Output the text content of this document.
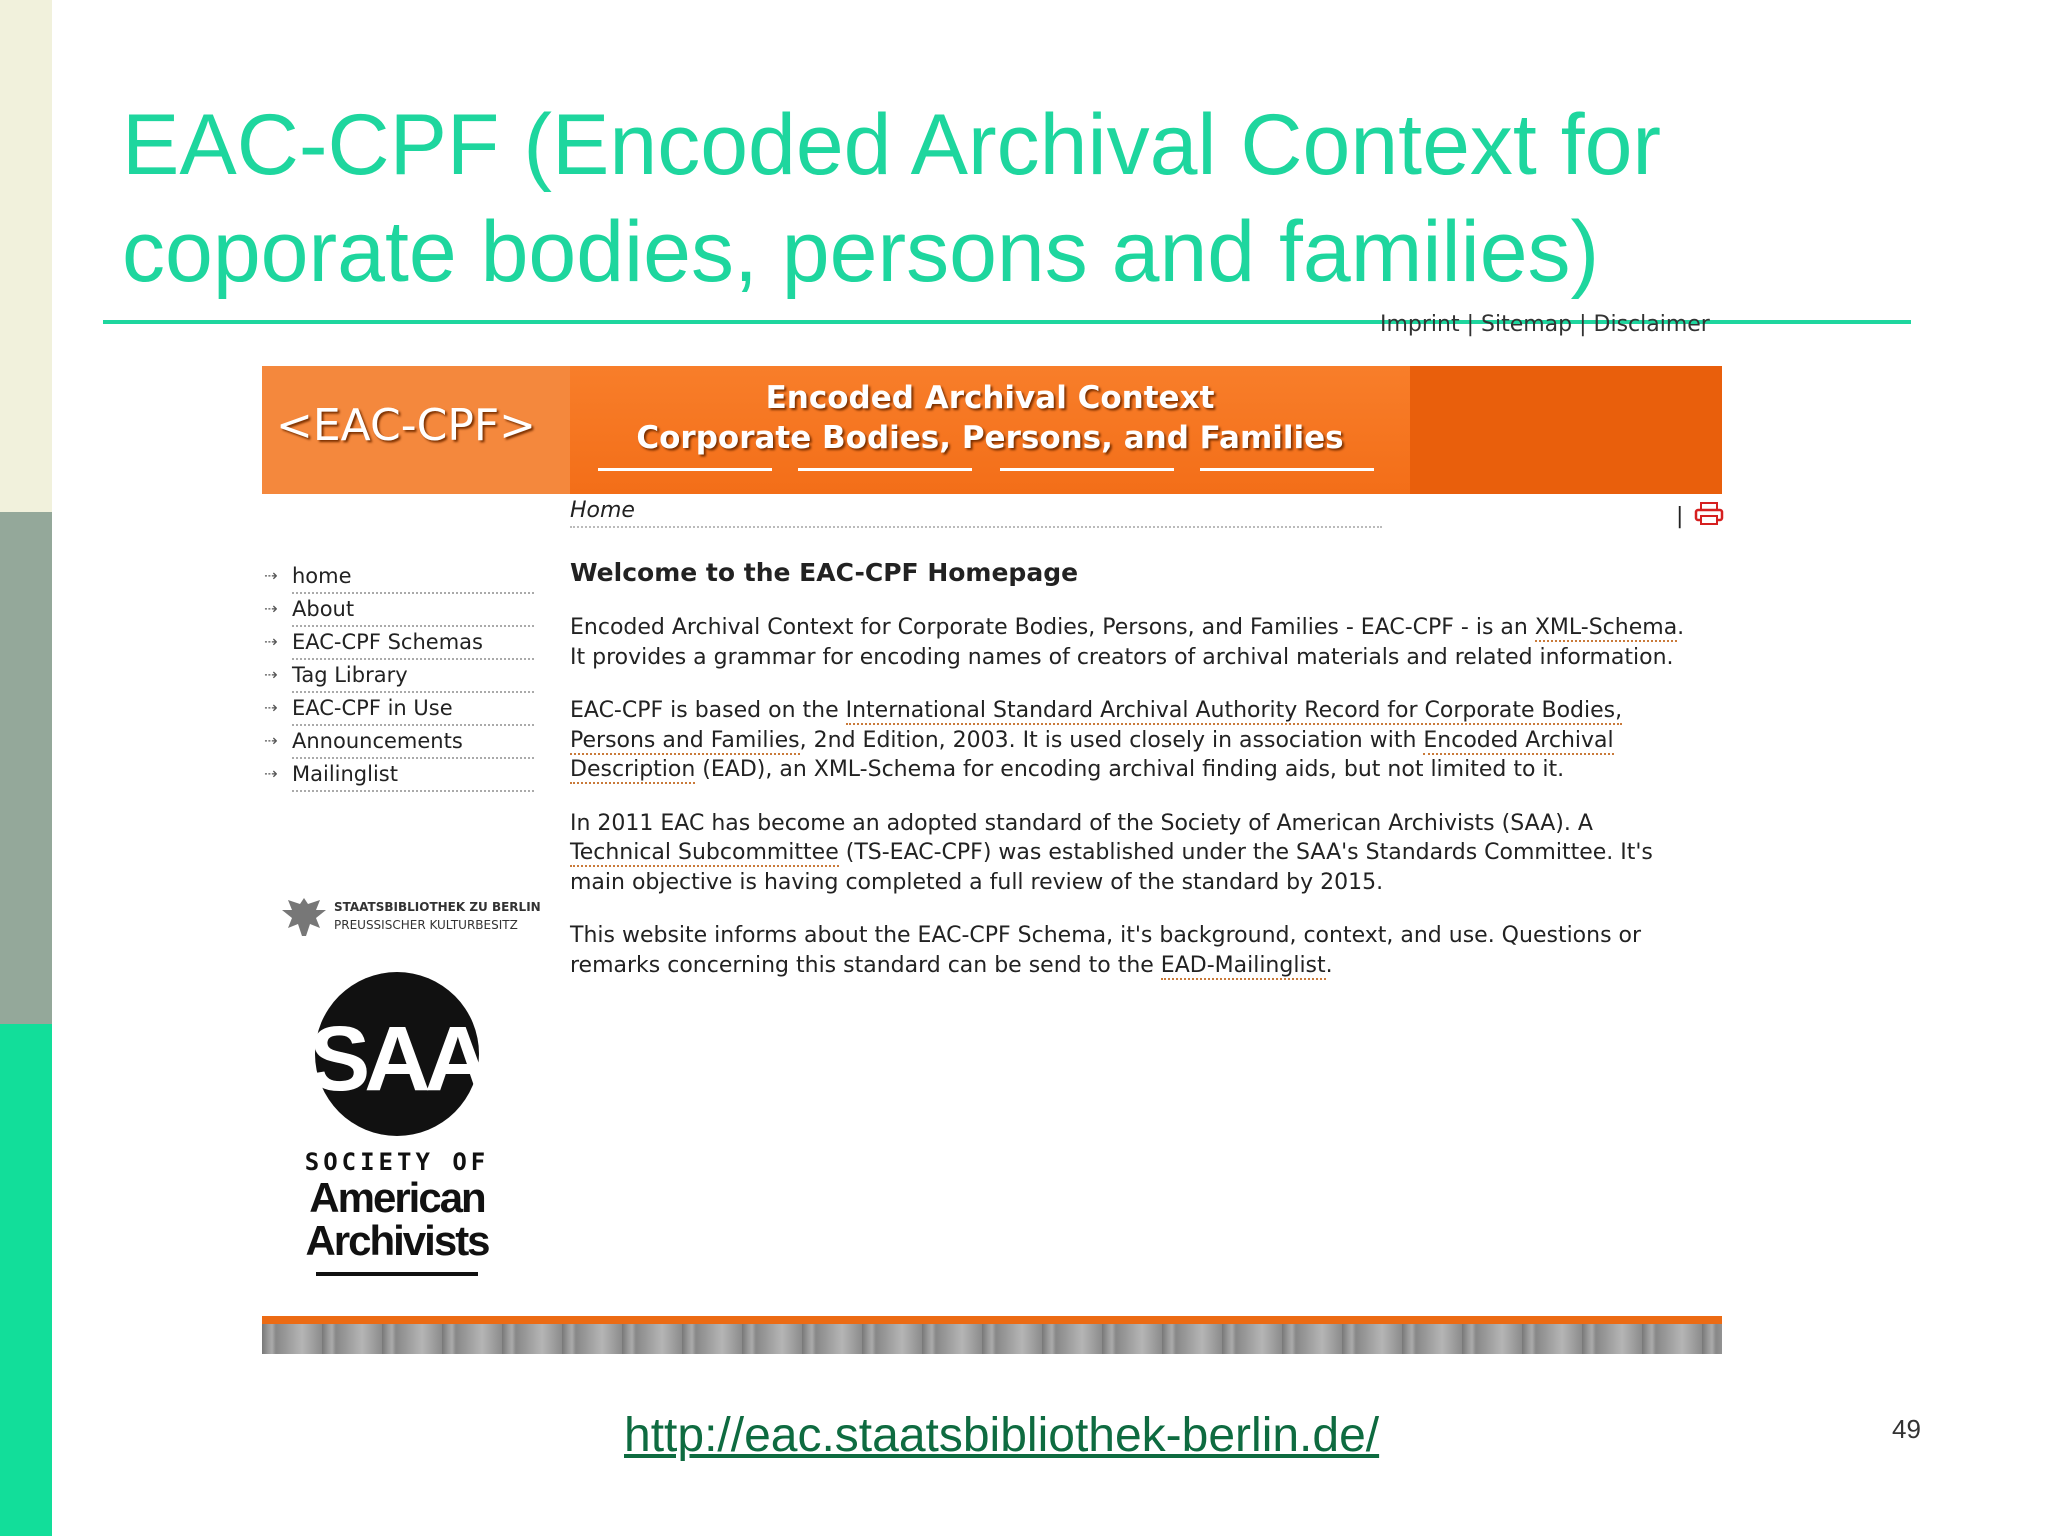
EAC-CPF (Encoded Archival Context for
coporate bodies, persons and families)
Imprint | Sitemap | Disclaimer
<EAC-CPF>
Encoded Archival Context
Corporate Bodies, Persons, and Families
Home	|
⇢ home
⇢ About
⇢ EAC-CPF Schemas
⇢ Tag Library
⇢ EAC-CPF in Use
⇢ Announcements
⇢ Mailinglist
STAATSBIBLIOTHEK ZU BERLIN
PREUSSISCHER KULTURBESITZ
SAA
SOCIETY OF
American
Archivists
Welcome to the EAC-CPF Homepage

Encoded Archival Context for Corporate Bodies, Persons, and Families - EAC-CPF - is an XML-Schema. It provides a grammar for encoding names of creators of archival materials and related information.

EAC-CPF is based on the International Standard Archival Authority Record for Corporate Bodies, Persons and Families, 2nd Edition, 2003. It is used closely in association with Encoded Archival Description (EAD), an XML-Schema for encoding archival finding aids, but not limited to it.

In 2011 EAC has become an adopted standard of the Society of American Archivists (SAA). A Technical Subcommittee (TS-EAC-CPF) was established under the SAA's Standards Committee. It's main objective is having completed a full review of the standard by 2015.

This website informs about the EAC-CPF Schema, it's background, context, and use. Questions or remarks concerning this standard can be send to the EAD-Mailinglist.

http://eac.staatsbibliothek-berlin.de/	49
